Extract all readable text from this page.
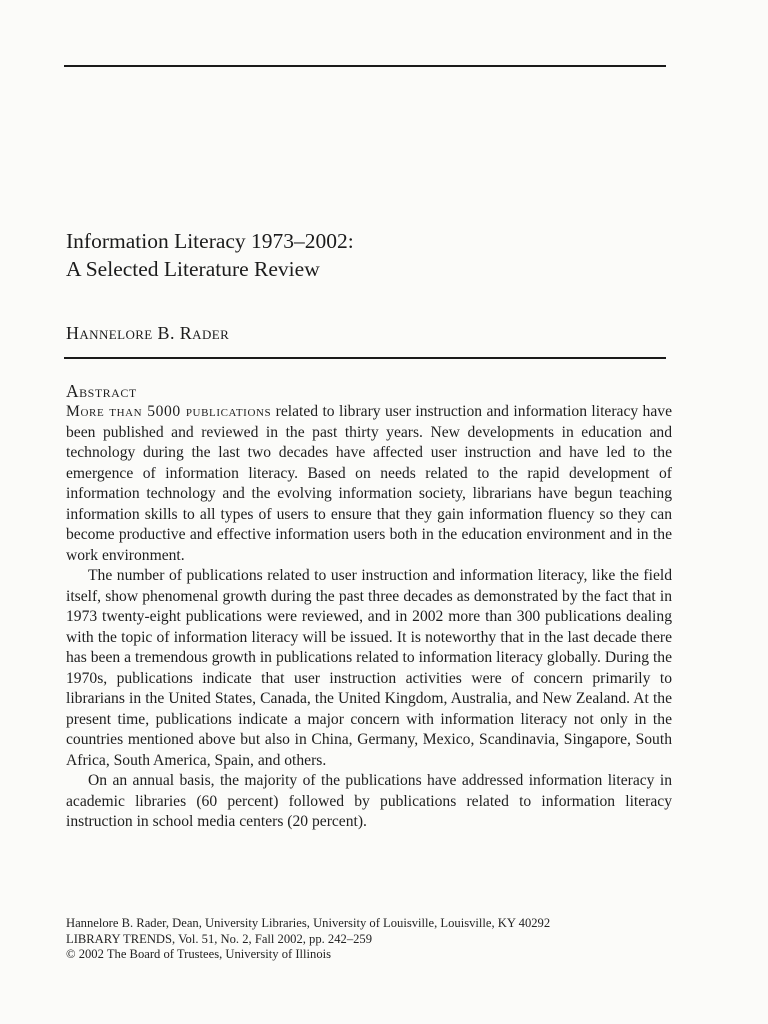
Information Literacy 1973–2002:
A Selected Literature Review
Hannelore B. Rader
Abstract

More than 5000 publications related to library user instruction and information literacy have been published and reviewed in the past thirty years. New developments in education and technology during the last two decades have affected user instruction and have led to the emergence of information literacy. Based on needs related to the rapid development of information technology and the evolving information society, librarians have begun teaching information skills to all types of users to ensure that they gain information fluency so they can become productive and effective information users both in the education environment and in the work environment.

The number of publications related to user instruction and information literacy, like the field itself, show phenomenal growth during the past three decades as demonstrated by the fact that in 1973 twenty-eight publications were reviewed, and in 2002 more than 300 publications dealing with the topic of information literacy will be issued. It is noteworthy that in the last decade there has been a tremendous growth in publications related to information literacy globally. During the 1970s, publications indicate that user instruction activities were of concern primarily to librarians in the United States, Canada, the United Kingdom, Australia, and New Zealand. At the present time, publications indicate a major concern with information literacy not only in the countries mentioned above but also in China, Germany, Mexico, Scandinavia, Singapore, South Africa, South America, Spain, and others.

On an annual basis, the majority of the publications have addressed information literacy in academic libraries (60 percent) followed by publications related to information literacy instruction in school media centers (20 percent).

Hannelore B. Rader, Dean, University Libraries, University of Louisville, Louisville, KY 40292
LIBRARY TRENDS, Vol. 51, No. 2, Fall 2002, pp. 242–259
© 2002 The Board of Trustees, University of Illinois
